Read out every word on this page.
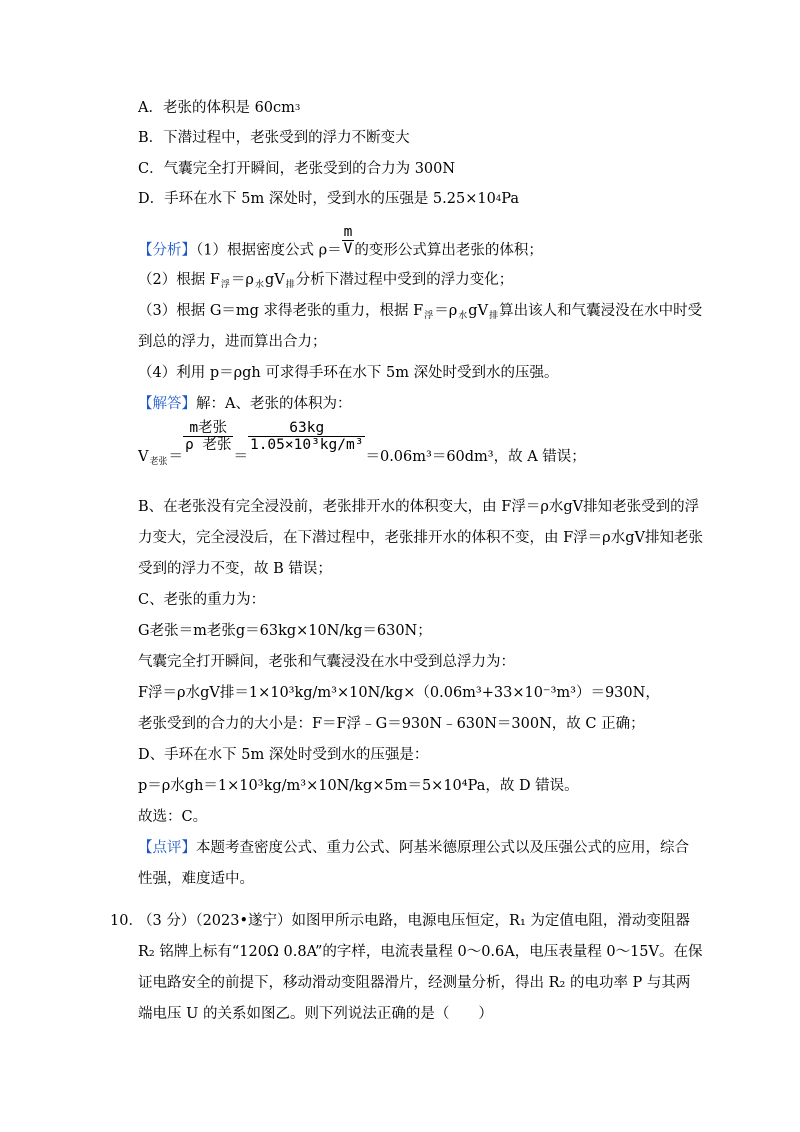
A．老张的体积是 $60cm^3$
B．下潜过程中，老张受到的浮力不断变大
C．气囊完全打开瞬间，老张受到的合力为 300N
D．手环在水下 5m 深处时，受到水的压强是 $5.25\times 10^4Pa$
【分析】（1）根据密度公式 $\rho= \frac{m}{V}$ 的变形公式算出老张的体积；
（2）根据 $F_浮=\rho_水gV_排$分析下潜过程中受到的浮力变化；
（3）根据 G＝mg 求得老张的重力，根据 $F_浮=\rho_水gV_排$算出该人和气囊浸没在水中时受
到总的浮力，进而算出合力；
（4）利用 p＝ρgh 可求得手环在水下 5m 深处时受到水的压强。
【解答】解：A、老张的体积为：
$V_{老张}=$
$\frac{\text{m老张}}{\text{ρ 老张}}$
＝
$\frac{63kg}{\text{1.05×10³kg/m³}}$
＝0.06m³＝60dm³，故 A 错误；
B、在老张没有完全浸没前，老张排开水的体积变大，由 F浮＝ρ水gV排知老张受到的浮
力变大，完全浸没后，在下潜过程中，老张排开水的体积不变，由 F浮＝ρ水gV排知老张
受到的浮力不变，故 B 错误；
C、老张的重力为：
G老张＝m老张g＝63kg×10N/kg＝630N；
气囊完全打开瞬间，老张和气囊浸没在水中受到总浮力为：
F浮＝ρ水gV排＝1×10³kg/m³×10N/kg×（0.06m³+33×10⁻³m³）＝930N，
老张受到的合力的大小是：F＝F浮﹣G＝930N﹣630N＝300N，故 C 正确；
D、手环在水下 5m 深处时受到水的压强是：
p＝ρ水gh＝1×10³kg/m³×10N/kg×5m＝5×10⁴Pa，故 D 错误。
故选：C。
【点评】本题考查密度公式、重力公式、阿基米德原理公式以及压强公式的应用，综合
性强，难度适中。
10．（3 分）（2023•遂宁）如图甲所示电路，电源电压恒定，R₁ 为定值电阻，滑动变阻器
R₂ 铭牌上标有“120Ω 0.8A”的字样，电流表量程 0～0.6A，电压表量程 0～15V。在保
证电路安全的前提下，移动滑动变阻器滑片，经测量分析，得出 R₂ 的电功率 P 与其两
端电压 U 的关系如图乙。则下列说法正确的是（　　）
